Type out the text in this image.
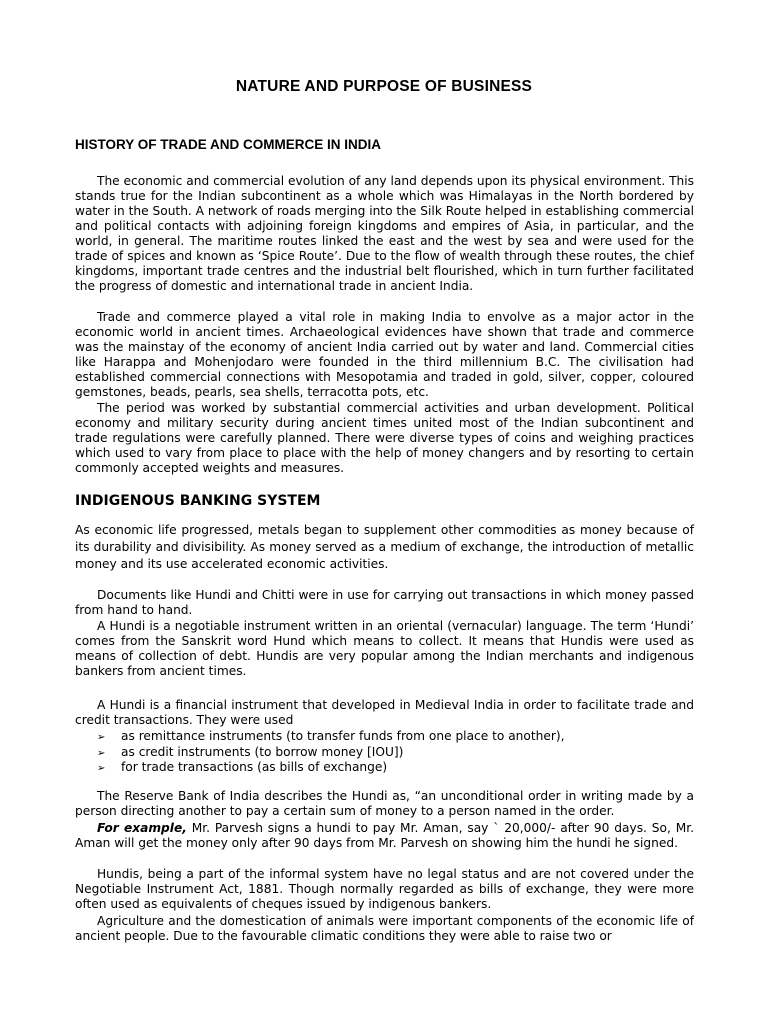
NATURE AND PURPOSE OF BUSINESS
HISTORY OF TRADE AND COMMERCE IN INDIA

The economic and commercial evolution of any land depends upon its physical environment. This stands true for the Indian subcontinent as a whole which was Himalayas in the North bordered by water in the South. A network of roads merging into the Silk Route helped in establishing commercial and political contacts with adjoining foreign kingdoms and empires of Asia, in particular, and the world, in general. The maritime routes linked the east and the west by sea and were used for the trade of spices and known as ‘Spice Route’. Due to the flow of wealth through these routes, the chief kingdoms, important trade centres and the industrial belt flourished, which in turn further facilitated the progress of domestic and international trade in ancient India.

Trade and commerce played a vital role in making India to envolve as a major actor in the economic world in ancient times. Archaeological evidences have shown that trade and commerce was the mainstay of the economy of ancient India carried out by water and land. Commercial cities like Harappa and Mohenjodaro were founded in the third millennium B.C. The civilisation had established commercial connections with Mesopotamia and traded in gold, silver, copper, coloured gemstones, beads, pearls, sea shells, terracotta pots, etc.

The period was worked by substantial commercial activities and urban development. Political economy and military security during ancient times united most of the Indian subcontinent and trade regulations were carefully planned. There were diverse types of coins and weighing practices which used to vary from place to place with the help of money changers and by resorting to certain commonly accepted weights and measures.

INDIGENOUS BANKING SYSTEM

As economic life progressed, metals began to supplement other commodities as money because of its durability and divisibility. As money served as a medium of exchange, the introduction of metallic money and its use accelerated economic activities.

Documents like Hundi and Chitti were in use for carrying out transactions in which money passed from hand to hand.

A Hundi is a negotiable instrument written in an oriental (vernacular) language. The term ‘Hundi’ comes from the Sanskrit word Hund which means to collect. It means that Hundis were used as means of collection of debt. Hundis are very popular among the Indian merchants and indigenous bankers from ancient times.

A Hundi is a financial instrument that developed in Medieval India in order to facilitate trade and credit transactions. They were used

➢ as remittance instruments (to transfer funds from one place to another),
➢ as credit instruments (to borrow money [IOU])
➢ for trade transactions (as bills of exchange)

The Reserve Bank of India describes the Hundi as, “an unconditional order in writing made by a person directing another to pay a certain sum of money to a person named in the order.

For example, Mr. Parvesh signs a hundi to pay Mr. Aman, say ` 20,000/- after 90 days. So, Mr. Aman will get the money only after 90 days from Mr. Parvesh on showing him the hundi he signed.

Hundis, being a part of the informal system have no legal status and are not covered under the Negotiable Instrument Act, 1881. Though normally regarded as bills of exchange, they were more often used as equivalents of cheques issued by indigenous bankers.

Agriculture and the domestication of animals were important components of the economic life of ancient people. Due to the favourable climatic conditions they were able to raise two or
